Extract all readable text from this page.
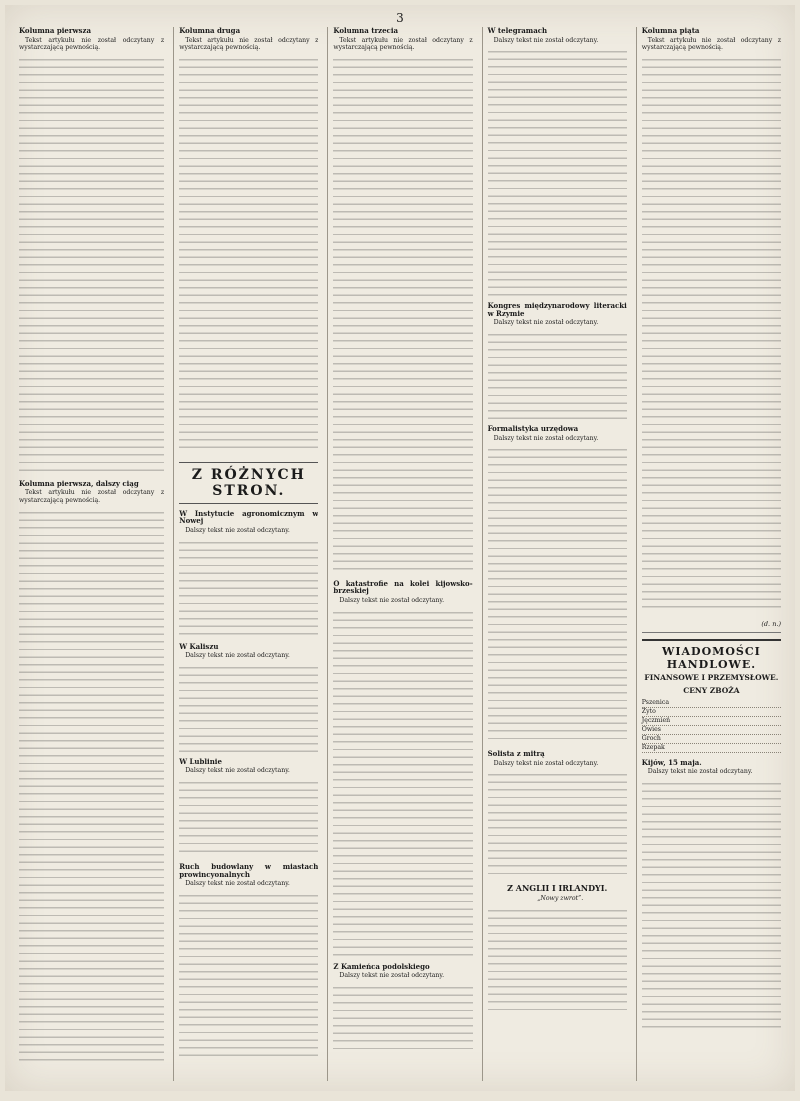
3
Kolumna pierwsza

Tekst artykułu nie został odczytany z wystarczającą pewnością.

Kolumna pierwsza, dalszy ciąg

Tekst artykułu nie został odczytany z wystarczającą pewnością.

Kolumna druga

Tekst artykułu nie został odczytany z wystarczającą pewnością.

Z RÓŻNYCH STRON.
W Instytucie agronomicznym w Nowej

Dalszy tekst nie został odczytany.

W Kaliszu

Dalszy tekst nie został odczytany.

W Lublinie

Dalszy tekst nie został odczytany.

Ruch budowlany w miastach prowincyonalnych

Dalszy tekst nie został odczytany.

Kolumna trzecia

Tekst artykułu nie został odczytany z wystarczającą pewnością.

O katastrofie na kolei kijowsko-brzeskiej

Dalszy tekst nie został odczytany.

Z Kamieńca podolskiego

Dalszy tekst nie został odczytany.

W telegramach

Dalszy tekst nie został odczytany.

Kongres międzynarodowy literacki w Rzymie

Dalszy tekst nie został odczytany.

Formalistyka urzędowa

Dalszy tekst nie został odczytany.

Solista z mitrą

Dalszy tekst nie został odczytany.

Z ANGLII I IRLANDYI.

„Nowy zwrot”.

Kolumna piąta

Tekst artykułu nie został odczytany z wystarczającą pewnością.

(d. n.)
WIADOMOŚCI HANDLOWE.
FINANSOWE I PRZEMYSŁOWE.
CENY ZBOŻA
Pszenica
Żyto
Jęczmień
Owies
Groch
Rzepak
Kijów, 15 maja.

Dalszy tekst nie został odczytany.
